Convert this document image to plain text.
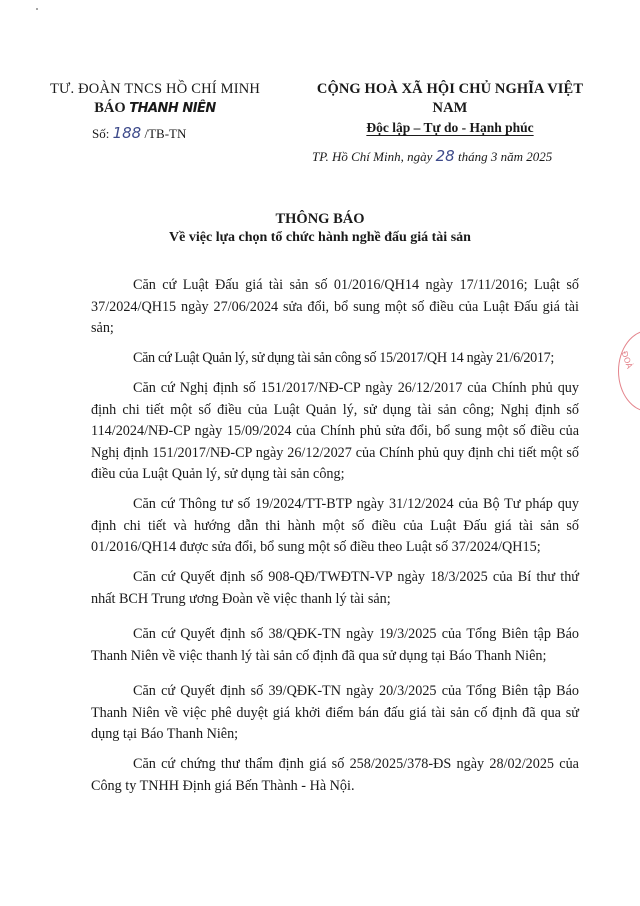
TƯ. ĐOÀN TNCS HỒ CHÍ MINH
BÁO THANH NIÊN
Số: 188 /TB-TN
CỘNG HOÀ XÃ HỘI CHỦ NGHĨA VIỆT NAM
Độc lập – Tự do - Hạnh phúc
TP. Hồ Chí Minh, ngày 28 tháng 3 năm 2025
THÔNG BÁO
Về việc lựa chọn tổ chức hành nghề đấu giá tài sản

Căn cứ Luật Đấu giá tài sản số 01/2016/QH14 ngày 17/11/2016; Luật số 37/2024/QH15 ngày 27/06/2024 sửa đổi, bổ sung một số điều của Luật Đấu giá tài sản;

Căn cứ Luật Quản lý, sử dụng tài sản công số 15/2017/QH 14 ngày 21/6/2017;

Căn cứ Nghị định số 151/2017/NĐ-CP ngày 26/12/2017 của Chính phủ quy định chi tiết một số điều của Luật Quản lý, sử dụng tài sản công; Nghị định số 114/2024/NĐ-CP ngày 15/09/2024 của Chính phủ sửa đổi, bổ sung một số điều của Nghị định 151/2017/NĐ-CP ngày 26/12/2027 của Chính phủ quy định chi tiết một số điều của Luật Quản lý, sử dụng tài sản công;

Căn cứ Thông tư số 19/2024/TT-BTP ngày 31/12/2024 của Bộ Tư pháp quy định chi tiết và hướng dẫn thi hành một số điều của Luật Đấu giá tài sản số 01/2016/QH14 được sửa đổi, bổ sung một số điều theo Luật số 37/2024/QH15;

Căn cứ Quyết định số 908-QĐ/TWĐTN-VP ngày 18/3/2025 của Bí thư thứ nhất BCH Trung ương Đoàn về việc thanh lý tài sản;

Căn cứ Quyết định số 38/QĐK-TN ngày 19/3/2025 của Tổng Biên tập Báo Thanh Niên về việc thanh lý tài sản cố định đã qua sử dụng tại Báo Thanh Niên;

Căn cứ Quyết định số 39/QĐK-TN ngày 20/3/2025 của Tổng Biên tập Báo Thanh Niên về việc phê duyệt giá khởi điểm bán đấu giá tài sản cố định đã qua sử dụng tại Báo Thanh Niên;

Căn cứ chứng thư thẩm định giá số 258/2025/378-ĐS ngày 28/02/2025 của Công ty TNHH Định giá Bến Thành - Hà Nội.

ĐOÀ
